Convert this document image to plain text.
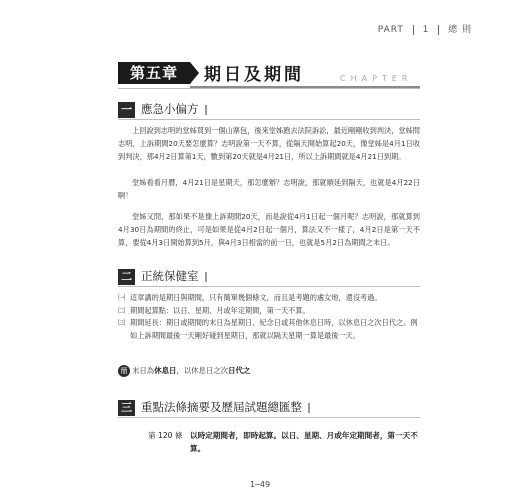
PART 1 總 則
第五章	期日及期間	CHAPTER
一 應急小偏方
上回說到志明的堂姊買到一個山寨包，後來堂姊跑去法院訴訟，最近剛剛收到判決，堂姊問志明，上訴期間20天要怎麼算？志明說第一天不算，從隔天開始算起20天，像堂姊是4月1日收到判決，那4月2日算第1天，數到第20天就是4月21日，所以上訴期間就是4月21日到期。
堂姊看看月曆，4月21日是星期天，那怎麼辦？志明說，那就順延到隔天，也就是4月22日啊！
堂姊又問，那如果不是像上訴期間20天，而是說從4月1日起一個月呢？志明說，那就算到4月30日為期間的終止，可是如果是從4月2日起一個月，算法又不一樣了，4月2日是第一天不算，要從4月3日開始算到5月，與4月3日相當的前一日，也就是5月2日為期間之末日。
二 正統保健室
㈠ 這章講的是期日與期間，只有簡單幾個條文，而且是考題的處女地，還沒考過。
㈡ 期間起算點：以日、星期、月或年定期間，第一天不算。
㈢ 期間延長：期日或期間的末日為星期日、紀念日或其他休息日時，以休息日之次日代之。例如上訴期間最後一天剛好碰到星期日，那就以隔天星期一算是最後一天。
簡 末日為休息日，以休息日之次日代之
三 重點法條摘要及歷屆試題總匯整
第 120 條 以時定期間者，即時起算。以日、星期、月或年定期間者，第一天不算。
1─49
